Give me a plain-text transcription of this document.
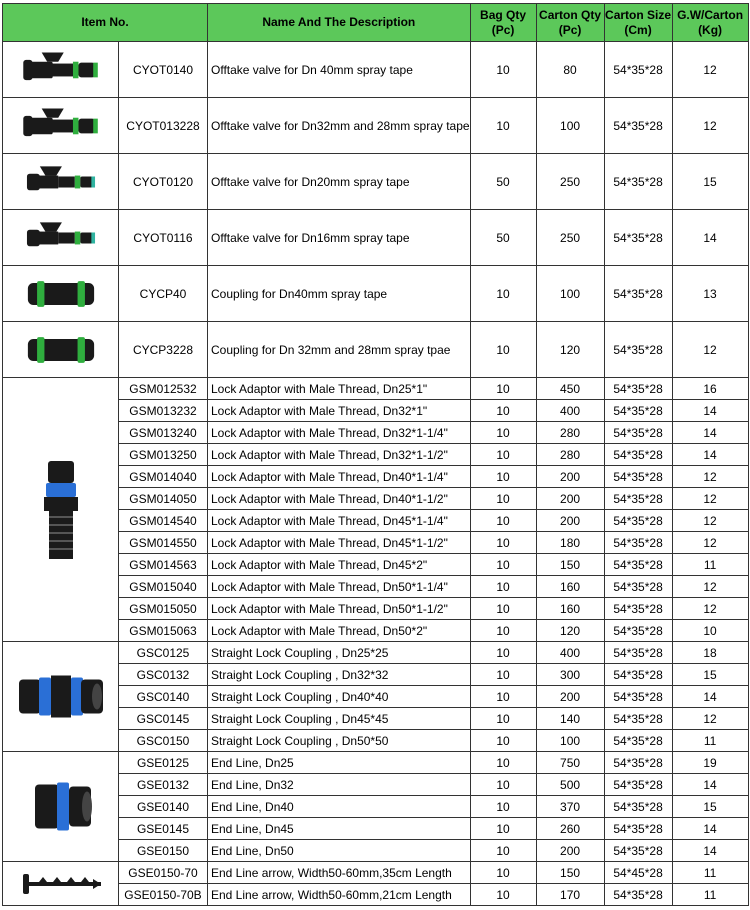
Item No.		Name And The Description	Bag Qty (Pc)	Carton Qty (Pc)	Carton Size (Cm)	G.W/Carton (Kg)

	CYOT0140	Offtake valve for Dn 40mm spray tape	10	80	54*35*28	12

	CYOT013228	Offtake valve for Dn32mm and 28mm spray tape	10	100	54*35*28	12

	CYOT0120	Offtake valve for Dn20mm spray tape	50	250	54*35*28	15

	CYOT0116	Offtake valve for Dn16mm spray tape	50	250	54*35*28	14

	CYCP40	Coupling for Dn40mm spray tape	10	100	54*35*28	13

	CYCP3228	Coupling for Dn 32mm and 28mm spray tpae	10	120	54*35*28	12

	GSM012532	Lock Adaptor with Male Thread, Dn25*1"	10	450	54*35*28	16
	GSM013232	Lock Adaptor with Male Thread, Dn32*1"	10	400	54*35*28	14
	GSM013240	Lock Adaptor with Male Thread, Dn32*1-1/4"	10	280	54*35*28	14
	GSM013250	Lock Adaptor with Male Thread, Dn32*1-1/2"	10	280	54*35*28	14
	GSM014040	Lock Adaptor with Male Thread, Dn40*1-1/4"	10	200	54*35*28	12
	GSM014050	Lock Adaptor with Male Thread, Dn40*1-1/2"	10	200	54*35*28	12
	GSM014540	Lock Adaptor with Male Thread, Dn45*1-1/4"	10	200	54*35*28	12
	GSM014550	Lock Adaptor with Male Thread, Dn45*1-1/2"	10	180	54*35*28	12
	GSM014563	Lock Adaptor with Male Thread, Dn45*2"	10	150	54*35*28	11
	GSM015040	Lock Adaptor with Male Thread, Dn50*1-1/4"	10	160	54*35*28	12
	GSM015050	Lock Adaptor with Male Thread, Dn50*1-1/2"	10	160	54*35*28	12
	GSM015063	Lock Adaptor with Male Thread, Dn50*2"	10	120	54*35*28	10

	GSC0125	Straight Lock Coupling , Dn25*25	10	400	54*35*28	18
	GSC0132	Straight Lock Coupling , Dn32*32	10	300	54*35*28	15
	GSC0140	Straight Lock Coupling , Dn40*40	10	200	54*35*28	14
	GSC0145	Straight Lock Coupling , Dn45*45	10	140	54*35*28	12
	GSC0150	Straight Lock Coupling , Dn50*50	10	100	54*35*28	11

	GSE0125	End Line, Dn25	10	750	54*35*28	19
	GSE0132	End Line, Dn32	10	500	54*35*28	14
	GSE0140	End Line, Dn40	10	370	54*35*28	15
	GSE0145	End Line, Dn45	10	260	54*35*28	14
	GSE0150	End Line, Dn50	10	200	54*35*28	14

	GSE0150-70	End Line arrow, Width50-60mm,35cm Length	10	150	54*45*28	11
	GSE0150-70B	End Line arrow, Width50-60mm,21cm Length	10	170	54*35*28	11
